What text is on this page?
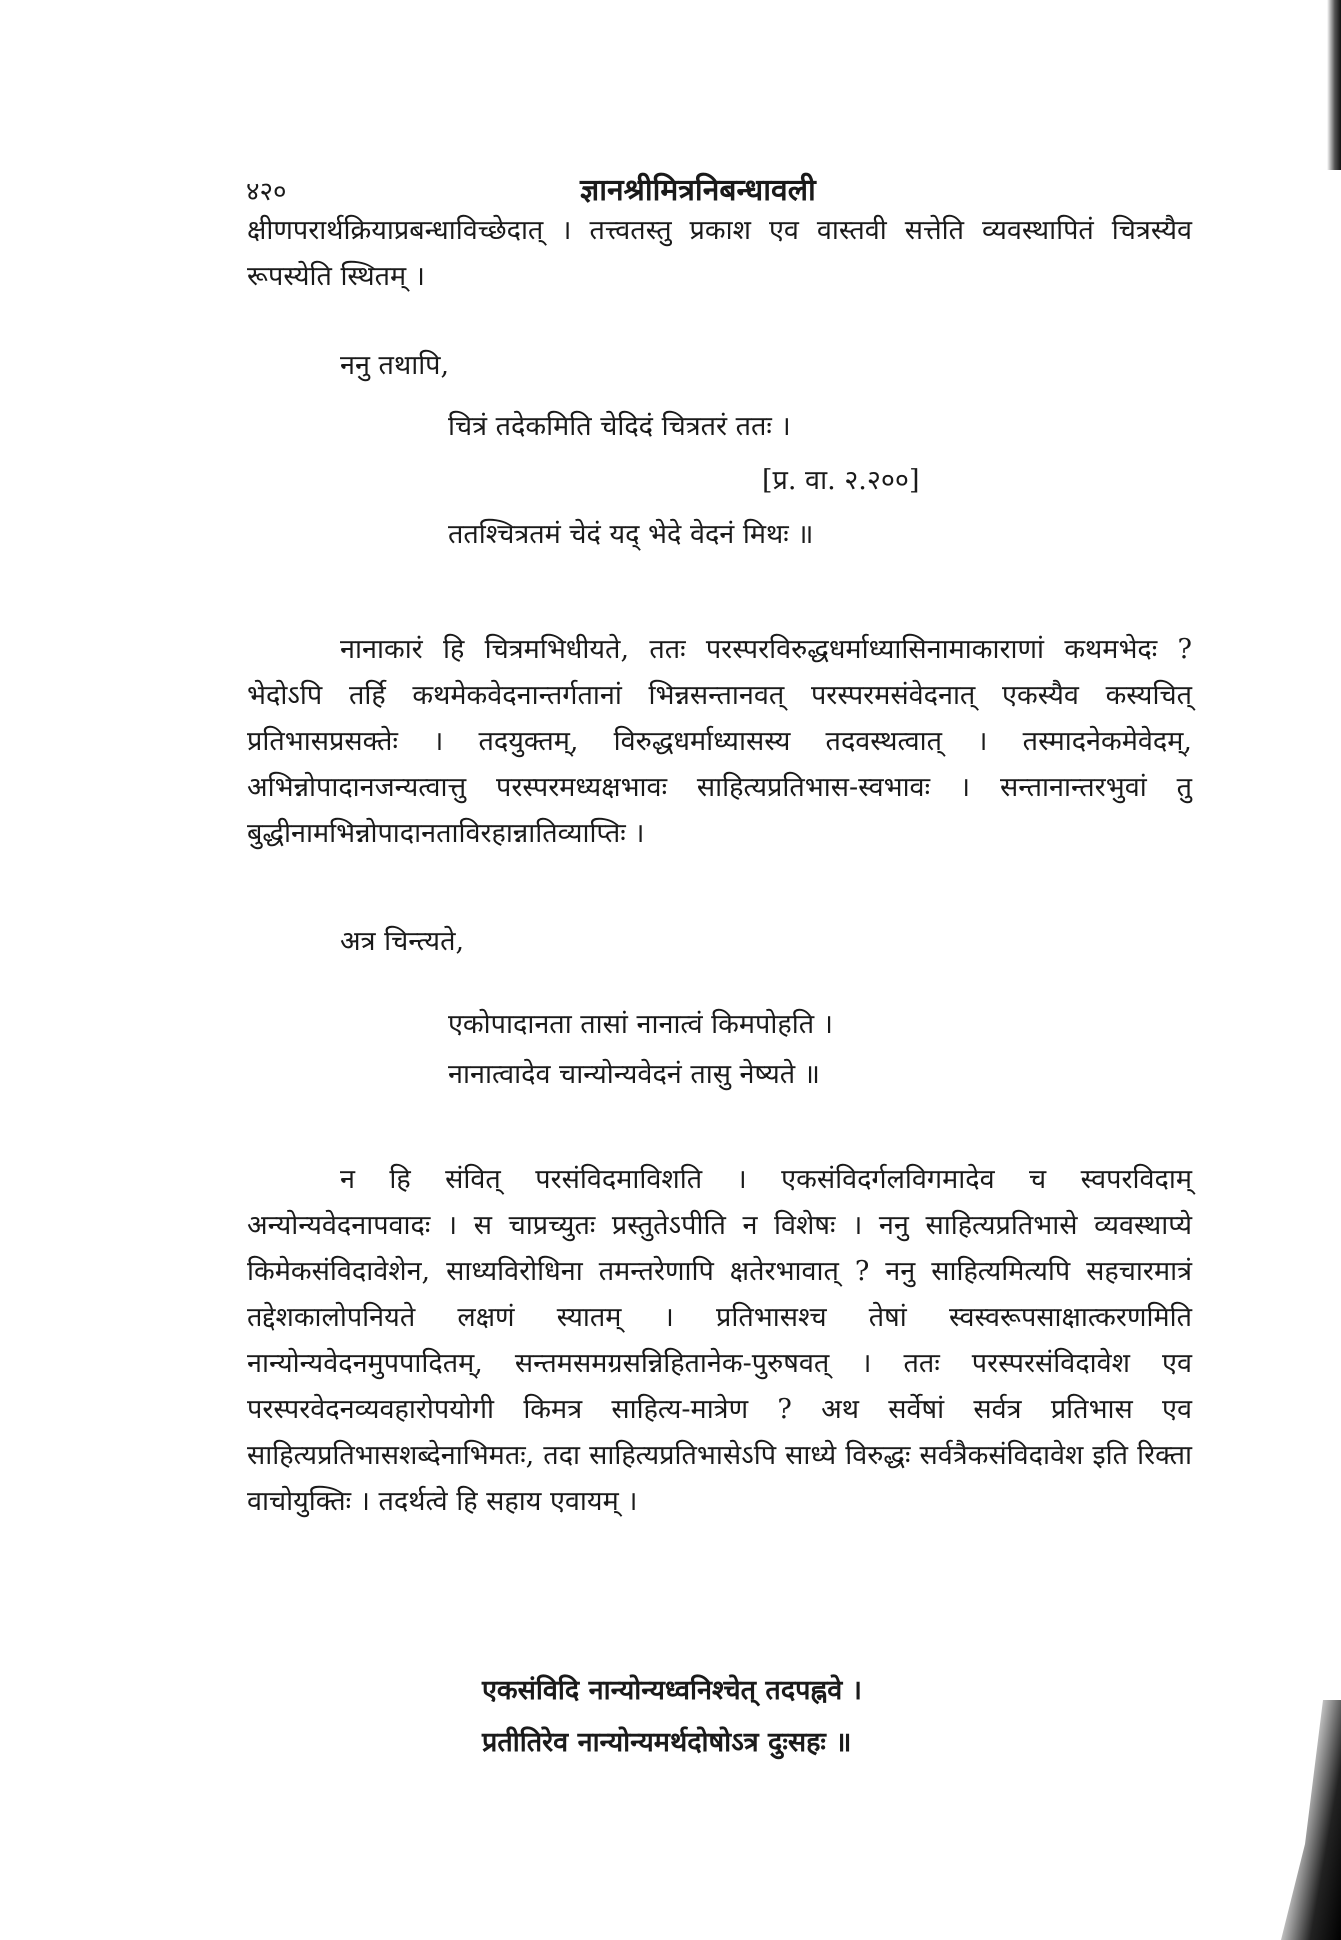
४२०	ज्ञानश्रीमित्रनिबन्धावली
क्षीणपरार्थक्रियाप्रबन्धाविच्छेदात् । तत्त्वतस्तु प्रकाश एव वास्तवी सत्तेति व्यवस्थापितं चित्रस्यैव रूपस्येति स्थितम् ।
ननु तथापि,
चित्रं तदेकमिति चेदिदं चित्रतरं ततः ।
[प्र. वा. २.२००]
ततश्चित्रतमं चेदं यद् भेदे वेदनं मिथः ॥
नानाकारं हि चित्रमभिधीयते, ततः परस्परविरुद्धधर्माध्यासिनामाकाराणां कथमभेदः ? भेदोऽपि तर्हि कथमेकवेदनान्तर्गतानां भिन्नसन्तानवत् परस्परमसंवेदनात् एकस्यैव कस्यचित् प्रतिभासप्रसक्तेः । तदयुक्तम्, विरुद्धधर्माध्यासस्य तदवस्थत्वात् । तस्मादनेकमेवेदम्, अभिन्नोपादानजन्यत्वात्तु परस्परमध्यक्षभावः साहित्यप्रतिभास-स्वभावः । सन्तानान्तरभुवां तु बुद्धीनामभिन्नोपादानताविरहान्नातिव्याप्तिः ।
अत्र चिन्त्यते,
एकोपादानता तासां नानात्वं किमपोहति ।
नानात्वादेव चान्योन्यवेदनं तासु नेष्यते ॥
न हि संवित् परसंविदमाविशति । एकसंविदर्गलविगमादेव च स्वपरविदाम् अन्योन्यवेदनापवादः । स चाप्रच्युतः प्रस्तुतेऽपीति न विशेषः । ननु साहित्यप्रतिभासे व्यवस्थाप्ये किमेकसंविदावेशेन, साध्यविरोधिना तमन्तरेणापि क्षतेरभावात् ? ननु साहित्यमित्यपि सहचारमात्रं तद्देशकालोपनियते लक्षणं स्यातम् । प्रतिभासश्च तेषां स्वस्वरूपसाक्षात्करणमिति नान्योन्यवेदनमुपपादितम्, सन्तमसमग्रसन्निहितानेक-पुरुषवत् । ततः परस्परसंविदावेश एव परस्परवेदनव्यवहारोपयोगी किमत्र साहित्य-मात्रेण ? अथ सर्वेषां सर्वत्र प्रतिभास एव साहित्यप्रतिभासशब्देनाभिमतः, तदा साहित्यप्रतिभासेऽपि साध्ये विरुद्धः सर्वत्रैकसंविदावेश इति रिक्ता वाचोयुक्तिः । तदर्थत्वे हि सहाय एवायम् ।
एकसंविदि नान्योन्यध्वनिश्चेत् तदपह्नवे ।
प्रतीतिरेव नान्योन्यमर्थदोषोऽत्र दुःसहः ॥
